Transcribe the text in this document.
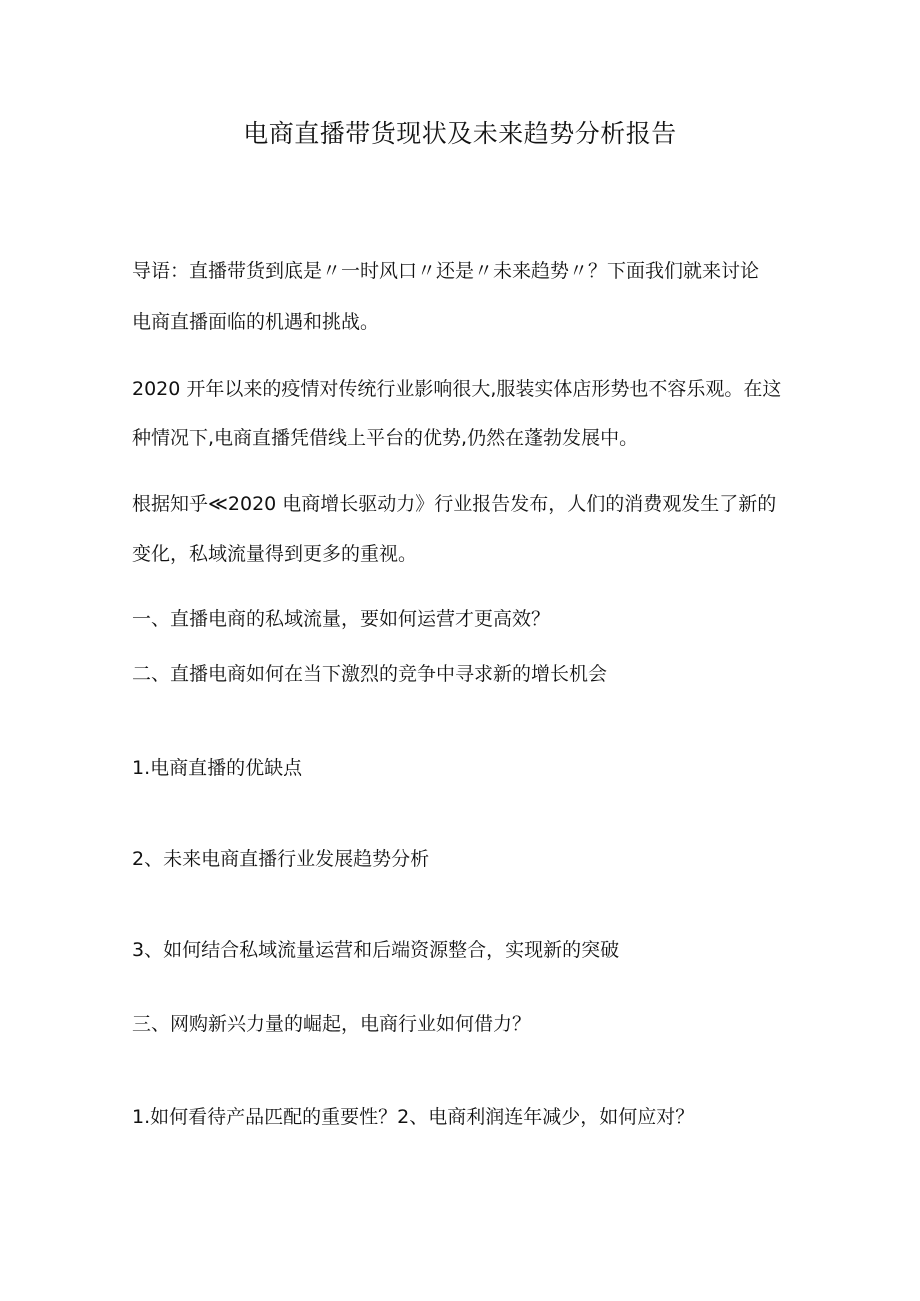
电商直播带货现状及未来趋势分析报告

导语：直播带货到底是〃一时风口〃还是〃未来趋势〃？下面我们就来讨论

电商直播面临的机遇和挑战。

2020 开年以来的疫情对传统行业影响很大,服装实体店形势也不容乐观。在这

种情况下,电商直播凭借线上平台的优势,仍然在蓬勃发展中。

根据知乎≪2020 电商增长驱动力》行业报告发布，人们的消费观发生了新的

变化，私域流量得到更多的重视。

一、直播电商的私域流量，要如何运营才更高效？

二、直播电商如何在当下激烈的竞争中寻求新的增长机会

1.电商直播的优缺点

2、未来电商直播行业发展趋势分析

3、如何结合私域流量运营和后端资源整合，实现新的突破

三、网购新兴力量的崛起，电商行业如何借力？

1.如何看待产品匹配的重要性？2、电商利润连年减少，如何应对？
